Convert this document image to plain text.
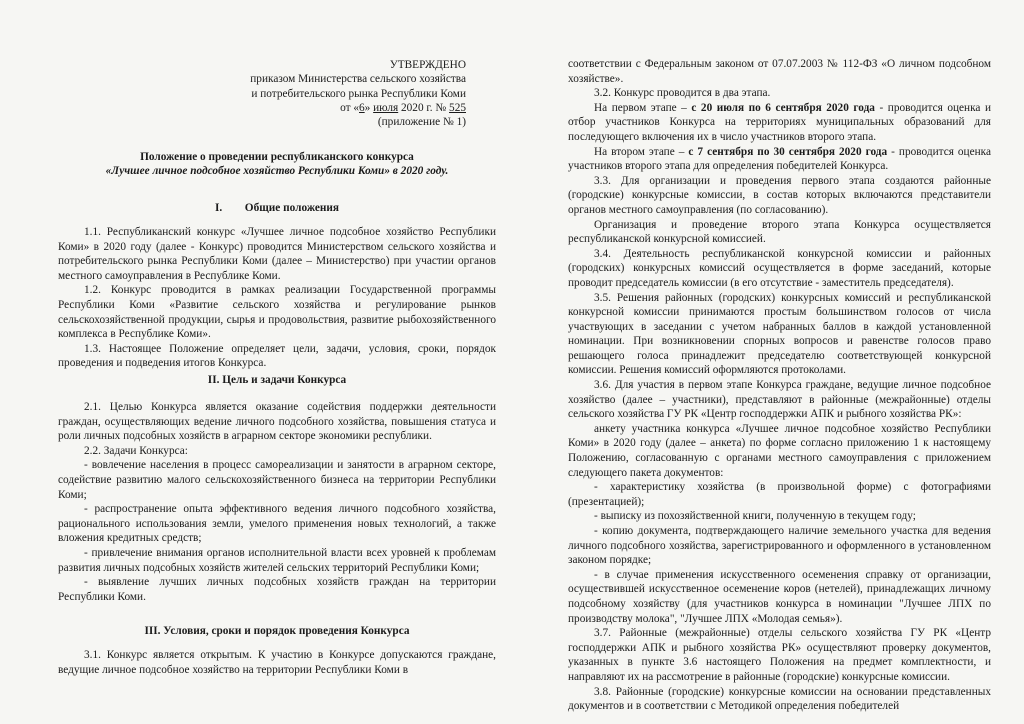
УТВЕРЖДЕНО
приказом Министерства сельского хозяйства
и потребительского рынка Республики Коми
от «6» июля 2020 г. № 525
(приложение № 1)
Положение о проведении республиканского конкурса
«Лучшее личное подсобное хозяйство Республики Коми» в 2020 году.
I. Общие положения

1.1. Республиканский конкурс «Лучшее личное подсобное хозяйство Республики Коми» в 2020 году (далее - Конкурс) проводится Министерством сельского хозяйства и потребительского рынка Республики Коми (далее – Министерство) при участии органов местного самоуправления в Республике Коми.

1.2. Конкурс проводится в рамках реализации Государственной программы Республики Коми «Развитие сельского хозяйства и регулирование рынков сельскохозяйственной продукции, сырья и продовольствия, развитие рыбохозяйственного комплекса в Республике Коми».

1.3. Настоящее Положение определяет цели, задачи, условия, сроки, порядок проведения и подведения итогов Конкурса.

II. Цель и задачи Конкурса

2.1. Целью Конкурса является оказание содействия поддержки деятельности граждан, осуществляющих ведение личного подсобного хозяйства, повышения статуса и роли личных подсобных хозяйств в аграрном секторе экономики республики.

2.2. Задачи Конкурса:

- вовлечение населения в процесс самореализации и занятости в аграрном секторе, содействие развитию малого сельскохозяйственного бизнеса на территории Республики Коми;

- распространение опыта эффективного ведения личного подсобного хозяйства, рационального использования земли, умелого применения новых технологий, а также вложения кредитных средств;

- привлечение внимания органов исполнительной власти всех уровней к проблемам развития личных подсобных хозяйств жителей сельских территорий Республики Коми;

- выявление лучших личных подсобных хозяйств граждан на территории Республики Коми.

III. Условия, сроки и порядок проведения Конкурса

3.1. Конкурс является открытым. К участию в Конкурсе допускаются граждане, ведущие личное подсобное хозяйство на территории Республики Коми в

соответствии с Федеральным законом от 07.07.2003 № 112-ФЗ «О личном подсобном хозяйстве».

3.2. Конкурс проводится в два этапа.

На первом этапе – с 20 июля по 6 сентября 2020 года - проводится оценка и отбор участников Конкурса на территориях муниципальных образований для последующего включения их в число участников второго этапа.

На втором этапе – с 7 сентября по 30 сентября 2020 года - проводится оценка участников второго этапа для определения победителей Конкурса.

3.3. Для организации и проведения первого этапа создаются районные (городские) конкурсные комиссии, в состав которых включаются представители органов местного самоуправления (по согласованию).

Организация и проведение второго этапа Конкурса осуществляется республиканской конкурсной комиссией.

3.4. Деятельность республиканской конкурсной комиссии и районных (городских) конкурсных комиссий осуществляется в форме заседаний, которые проводит председатель комиссии (в его отсутствие - заместитель председателя).

3.5. Решения районных (городских) конкурсных комиссий и республиканской конкурсной комиссии принимаются простым большинством голосов от числа участвующих в заседании с учетом набранных баллов в каждой установленной номинации. При возникновении спорных вопросов и равенстве голосов право решающего голоса принадлежит председателю соответствующей конкурсной комиссии. Решения комиссий оформляются протоколами.

3.6. Для участия в первом этапе Конкурса граждане, ведущие личное подсобное хозяйство (далее – участники), представляют в районные (межрайонные) отделы сельского хозяйства ГУ РК «Центр господдержки АПК и рыбного хозяйства РК»:

анкету участника конкурса «Лучшее личное подсобное хозяйство Республики Коми» в 2020 году (далее – анкета) по форме согласно приложению 1 к настоящему Положению, согласованную с органами местного самоуправления с приложением следующего пакета документов:

- характеристику хозяйства (в произвольной форме) с фотографиями (презентацией);

- выписку из похозяйственной книги, полученную в текущем году;

- копию документа, подтверждающего наличие земельного участка для ведения личного подсобного хозяйства, зарегистрированного и оформленного в установленном законом порядке;

- в случае применения искусственного осеменения справку от организации, осуществившей искусственное осеменение коров (нетелей), принадлежащих личному подсобному хозяйству (для участников конкурса в номинации "Лучшее ЛПХ по производству молока", "Лучшее ЛПХ «Молодая семья»).

3.7. Районные (межрайонные) отделы сельского хозяйства ГУ РК «Центр господдержки АПК и рыбного хозяйства РК» осуществляют проверку документов, указанных в пункте 3.6 настоящего Положения на предмет комплектности, и направляют их на рассмотрение в районные (городские) конкурсные комиссии.

3.8. Районные (городские) конкурсные комиссии на основании представленных документов и в соответствии с Методикой определения победителей
